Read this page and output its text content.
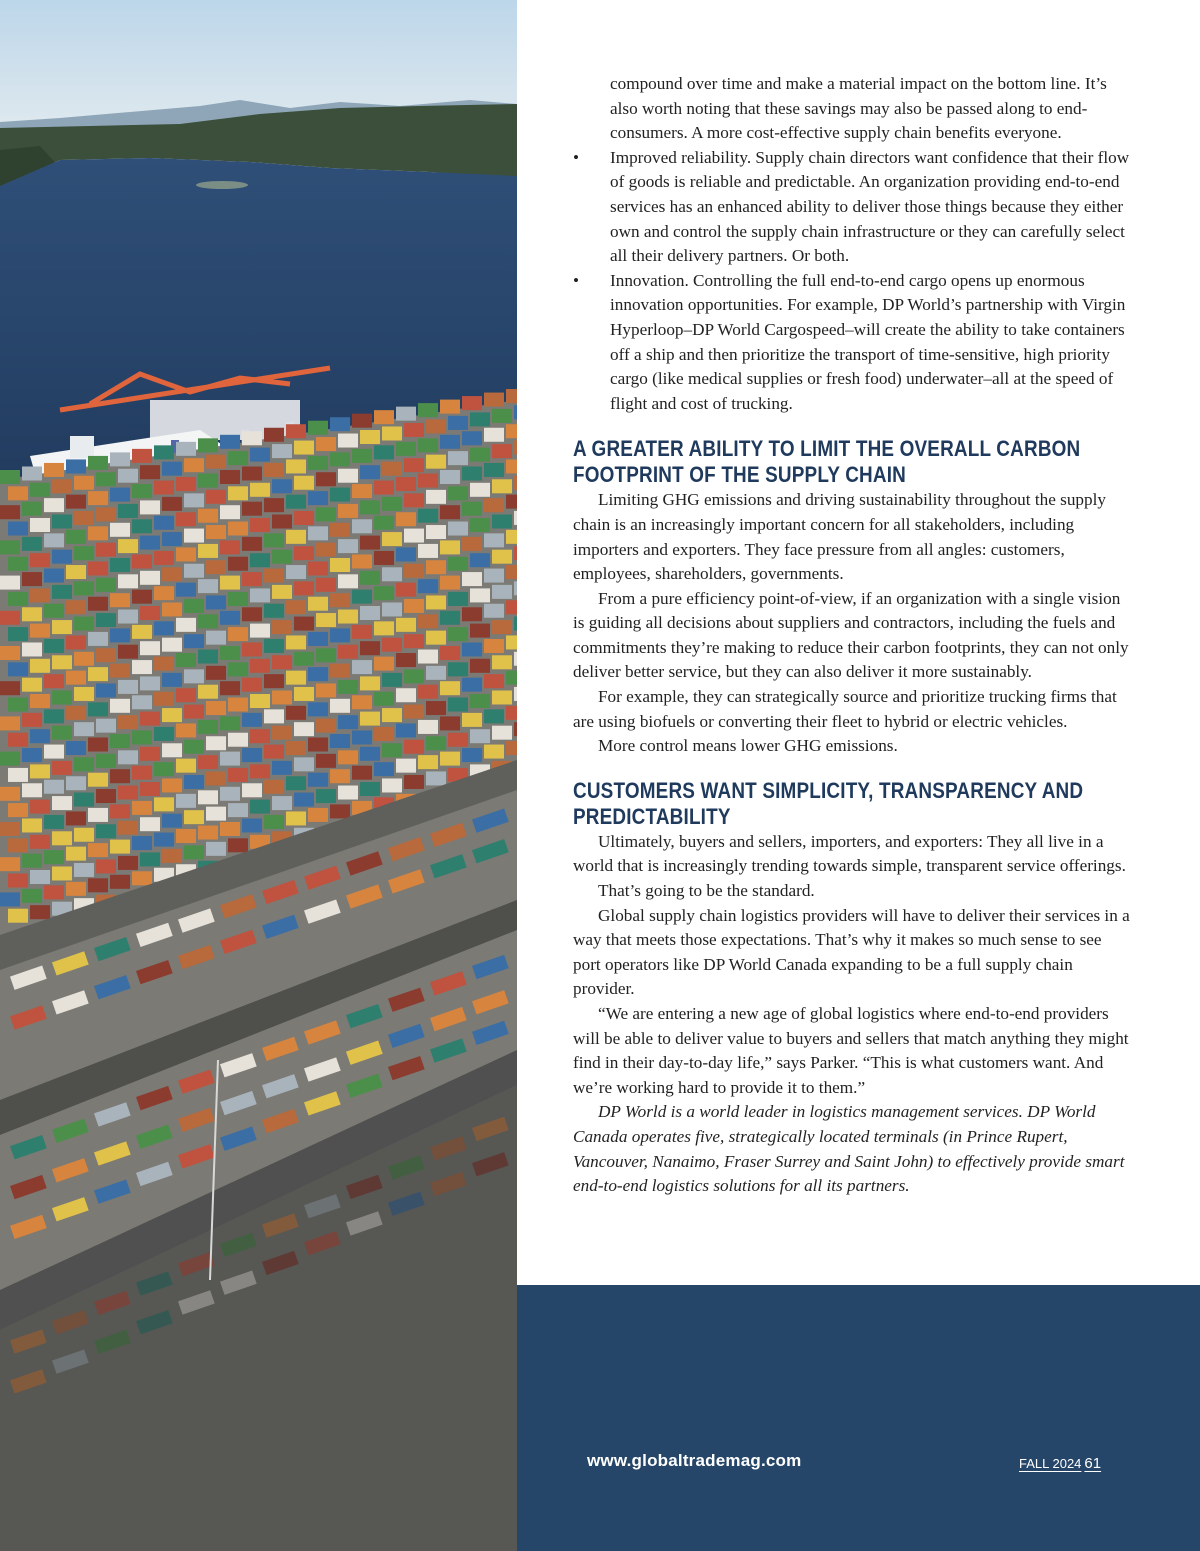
compound over time and make a material impact on the bottom line. It’s also worth noting that these savings may also be passed along to end-consumers. A more cost-effective supply chain benefits everyone.

• Improved reliability. Supply chain directors want confidence that their flow of goods is reliable and predictable. An organization providing end-to-end services has an enhanced ability to deliver those things because they either own and control the supply chain infrastructure or they can carefully select all their delivery partners. Or both.
• Innovation. Controlling the full end-to-end cargo opens up enormous innovation opportunities. For example, DP World’s partnership with Virgin Hyperloop–DP World Cargospeed–will create the ability to take containers off a ship and then prioritize the transport of time-sensitive, high priority cargo (like medical supplies or fresh food) underwater–all at the speed of flight and cost of trucking.
A GREATER ABILITY TO LIMIT THE OVERALL CARBON FOOTPRINT OF THE SUPPLY CHAIN

Limiting GHG emissions and driving sustainability throughout the supply chain is an increasingly important concern for all stakeholders, including importers and exporters. They face pressure from all angles: customers, employees, shareholders, governments.

From a pure efficiency point-of-view, if an organization with a single vision is guiding all decisions about suppliers and contractors, including the fuels and commitments they’re making to reduce their carbon footprints, they can not only deliver better service, but they can also deliver it more sustainably.

For example, they can strategically source and prioritize trucking firms that are using biofuels or converting their fleet to hybrid or electric vehicles.

More control means lower GHG emissions.

CUSTOMERS WANT SIMPLICITY, TRANSPARENCY AND PREDICTABILITY

Ultimately, buyers and sellers, importers, and exporters: They all live in a world that is increasingly trending towards simple, transparent service offerings.

That’s going to be the standard.

Global supply chain logistics providers will have to deliver their services in a way that meets those expectations. That’s why it makes so much sense to see port operators like DP World Canada expanding to be a full supply chain provider.

“We are entering a new age of global logistics where end-to-end providers will be able to deliver value to buyers and sellers that match anything they might find in their day-to-day life,” says Parker. “This is what customers want. And we’re working hard to provide it to them.”

DP World is a world leader in logistics management services. DP World Canada operates five, strategically located terminals (in Prince Rupert, Vancouver, Nanaimo, Fraser Surrey and Saint John) to effectively provide smart end-to-end logistics solutions for all its partners.

www.globaltrademag.com	FALL 2024 61
